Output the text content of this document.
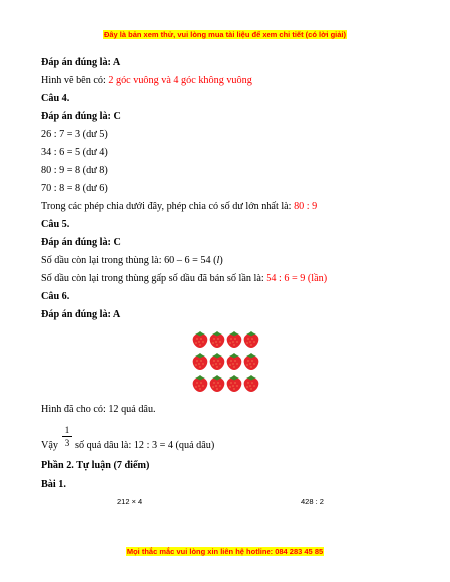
Đây là bản xem thử, vui lòng mua tài liệu để xem chi tiết (có lời giải)
Đáp án đúng là: A
Hình vẽ bên có: 2 góc vuông và 4 góc không vuông
Câu 4.
Đáp án đúng là: C
26 : 7 = 3 (dư 5)
34 : 6 = 5 (dư 4)
80 : 9 = 8 (dư 8)
70 : 8 = 8 (dư 6)
Trong các phép chia dưới đây, phép chia có số dư lớn nhất là: 80 : 9
Câu 5.
Đáp án đúng là: C
Số dầu còn lại trong thùng là: 60 – 6 = 54 (l)
Số dầu còn lại trong thùng gấp số dầu đã bán số lần là: 54 : 6 = 9 (lần)
Câu 6.
Đáp án đúng là: A
Hình đã cho có: 12 quả dâu.
1
3
Vậy số quả dâu là: 12 : 3 = 4 (quả dâu)
Phần 2. Tự luận (7 điểm)
Bài 1.
212 × 4	428 : 2
Mọi thắc mắc vui lòng xin liên hệ hotline: 084 283 45 85
